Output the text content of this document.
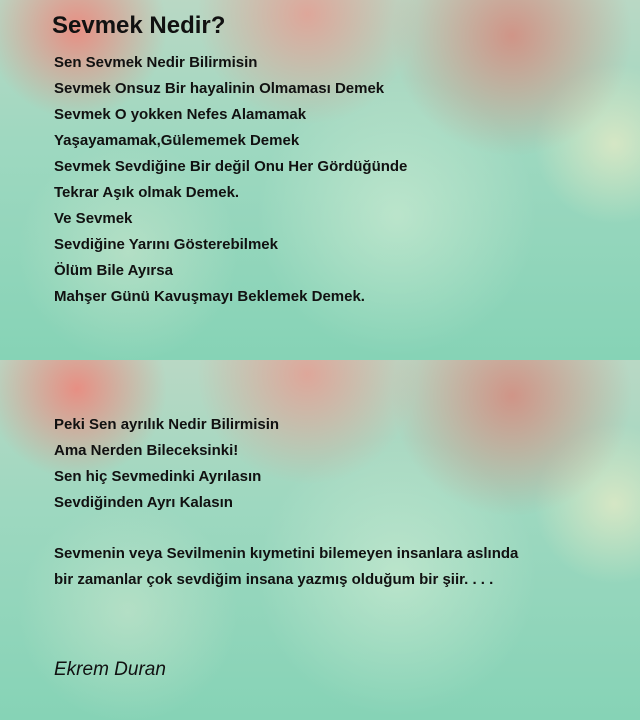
Sevmek Nedir?
Sen Sevmek Nedir Bilirmisin
Sevmek Onsuz Bir hayalinin Olmaması Demek
Sevmek O yokken Nefes Alamamak
Yaşayamamak,Gülememek Demek
Sevmek Sevdiğine Bir değil Onu Her Gördüğünde
Tekrar Aşık olmak Demek.
Ve Sevmek
Sevdiğine Yarını Gösterebilmek
Ölüm Bile Ayırsa
Mahşer Günü Kavuşmayı Beklemek Demek.
Peki Sen ayrılık Nedir Bilirmisin
Ama Nerden Bileceksinki!
Sen hiç Sevmedinki Ayrılasın
Sevdiğinden Ayrı Kalasın
Sevmenin veya Sevilmenin kıymetini bilemeyen insanlara aslında
bir zamanlar çok sevdiğim insana yazmış olduğum bir şiir. . . .
Ekrem Duran
